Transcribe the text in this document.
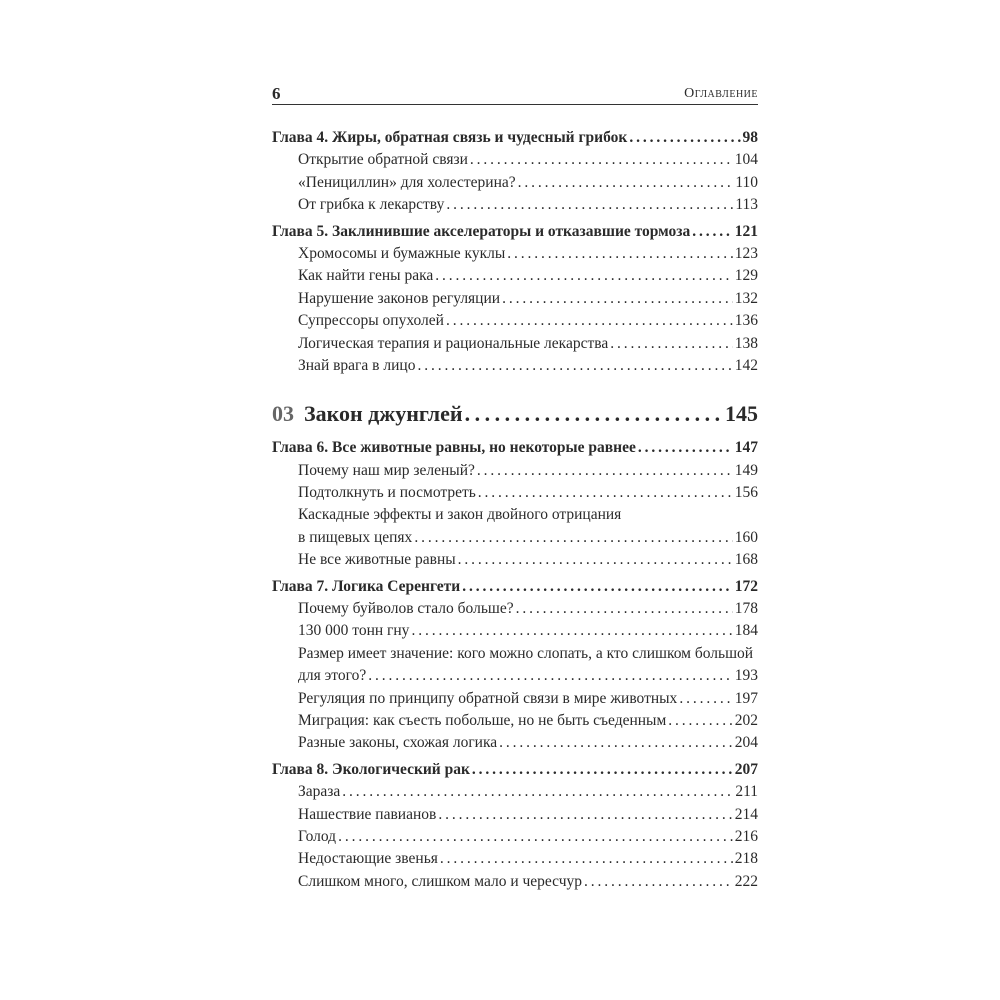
6	Оглавление
Глава 4. Жиры, обратная связь и чудесный грибок . . .	98
Открытие обратной связи . . .	104
«Пенициллин» для холестерина? . . .	110
От грибка к лекарству . . .	113
Глава 5. Заклинившие акселераторы и отказавшие тормоза . . .	121
Хромосомы и бумажные куклы . . .	123
Как найти гены рака . . .	129
Нарушение законов регуляции . . .	132
Супрессоры опухолей . . .	136
Логическая терапия и рациональные лекарства . . .	138
Знай врага в лицо . . .	142
03 Закон джунглей . . .	145
Глава 6. Все животные равны, но некоторые равнее . . .	147
Почему наш мир зеленый? . . .	149
Подтолкнуть и посмотреть . . .	156
Каскадные эффекты и закон двойного отрицания
в пищевых цепях . . .	160
Не все животные равны . . .	168
Глава 7. Логика Серенгети . . .	172
Почему буйволов стало больше? . . .	178
130 000 тонн гну . . .	184
Размер имеет значение: кого можно слопать, а кто слишком большой
для этого? . . .	193
Регуляция по принципу обратной связи в мире животных . . .	197
Миграция: как съесть побольше, но не быть съеденным . . .	202
Разные законы, схожая логика . . .	204
Глава 8. Экологический рак . . .	207
Зараза . . .	211
Нашествие павианов . . .	214
Голод . . .	216
Недостающие звенья . . .	218
Слишком много, слишком мало и чересчур . . .	222
